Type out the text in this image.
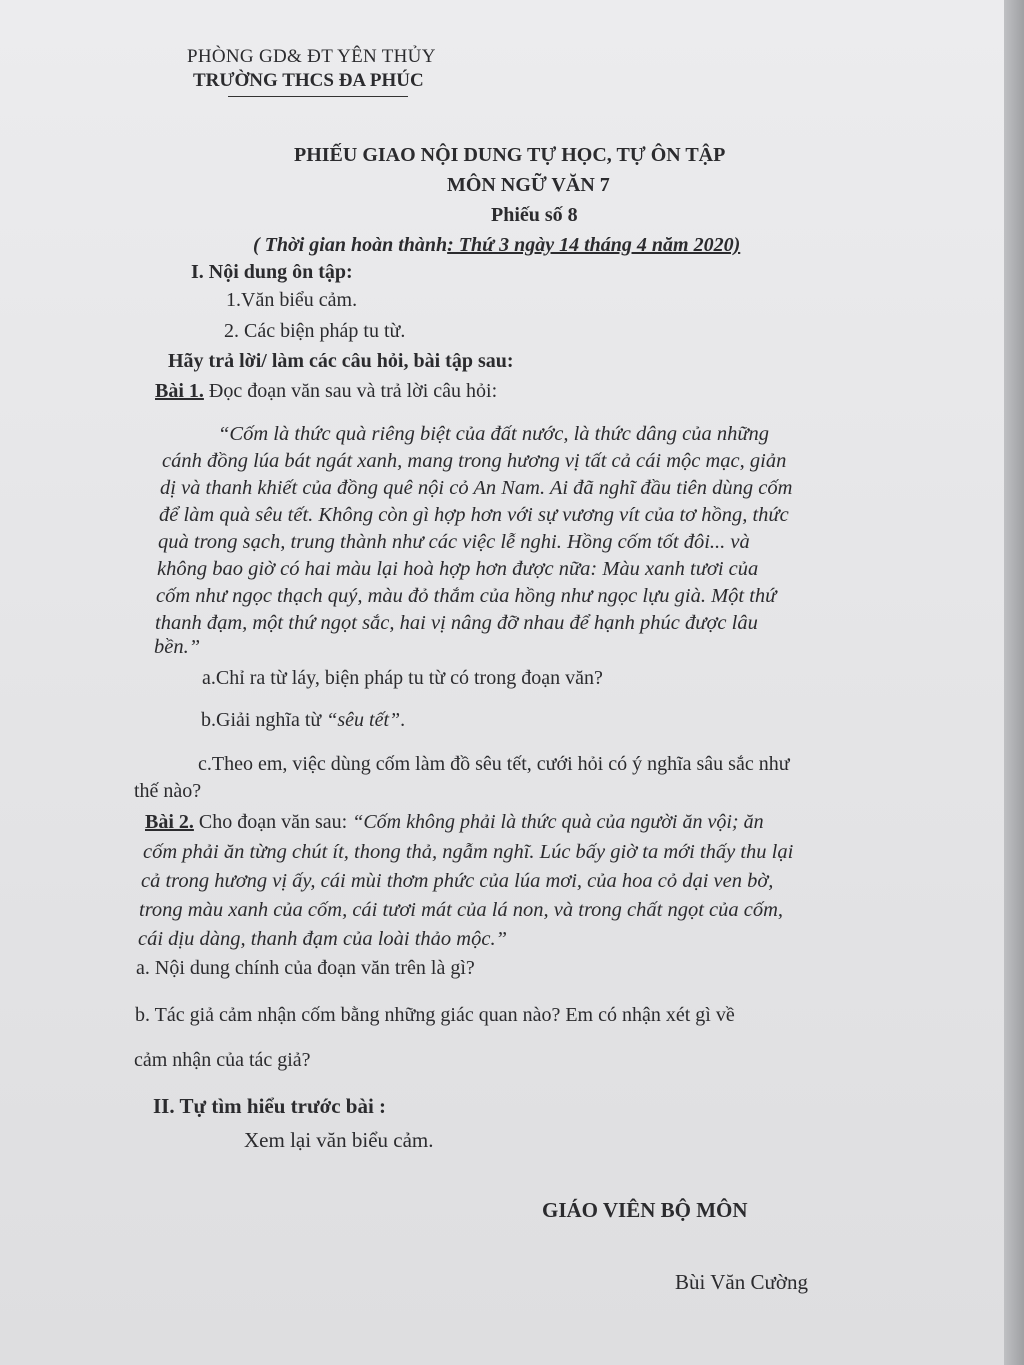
PHÒNG GD& ĐT YÊN THỦY
TRƯỜNG THCS ĐA PHÚC
PHIẾU GIAO NỘI DUNG TỰ HỌC, TỰ ÔN TẬP
MÔN NGỮ VĂN 7
Phiếu số 8
( Thời gian hoàn thành: Thứ 3 ngày 14 tháng 4 năm 2020)
I. Nội dung ôn tập:
1.Văn biểu cảm.
2. Các biện pháp tu từ.
Hãy trả lời/ làm các câu hỏi, bài tập sau:
Bài 1. Đọc đoạn văn sau và trả lời câu hỏi:
“Cốm là thức quà riêng biệt của đất nước, là thức dâng của những
cánh đồng lúa bát ngát xanh, mang trong hương vị tất cả cái mộc mạc, giản
dị và thanh khiết của đồng quê nội cỏ An Nam. Ai đã nghĩ đầu tiên dùng cốm
để làm quà sêu tết. Không còn gì hợp hơn với sự vương vít của tơ hồng, thức
quà trong sạch, trung thành như các việc lễ nghi. Hồng cốm tốt đôi... và
không bao giờ có hai màu lại hoà hợp hơn được nữa: Màu xanh tươi của
cốm như ngọc thạch quý, màu đỏ thắm của hồng như ngọc lựu già. Một thứ
thanh đạm, một thứ ngọt sắc, hai vị nâng đỡ nhau để hạnh phúc được lâu
bền.”
a.Chỉ ra từ láy, biện pháp tu từ có trong đoạn văn?
b.Giải nghĩa từ “sêu tết”.
c.Theo em, việc dùng cốm làm đồ sêu tết, cưới hỏi có ý nghĩa sâu sắc như
thế nào?
Bài 2. Cho đoạn văn sau: “Cốm không phải là thức quà của người ăn vội; ăn
cốm phải ăn từng chút ít, thong thả, ngẫm nghĩ. Lúc bấy giờ ta mới thấy thu lại
cả trong hương vị ấy, cái mùi thơm phức của lúa mơi, của hoa cỏ dại ven bờ,
trong màu xanh của cốm, cái tươi mát của lá non, và trong chất ngọt của cốm,
cái dịu dàng, thanh đạm của loài thảo mộc.”
a. Nội dung chính của đoạn văn trên là gì?
b. Tác giả cảm nhận cốm bằng những giác quan nào? Em có nhận xét gì về
cảm nhận của tác giả?
II. Tự tìm hiểu trước bài :
Xem lại văn biểu cảm.
GIÁO VIÊN BỘ MÔN
Bùi Văn Cường
